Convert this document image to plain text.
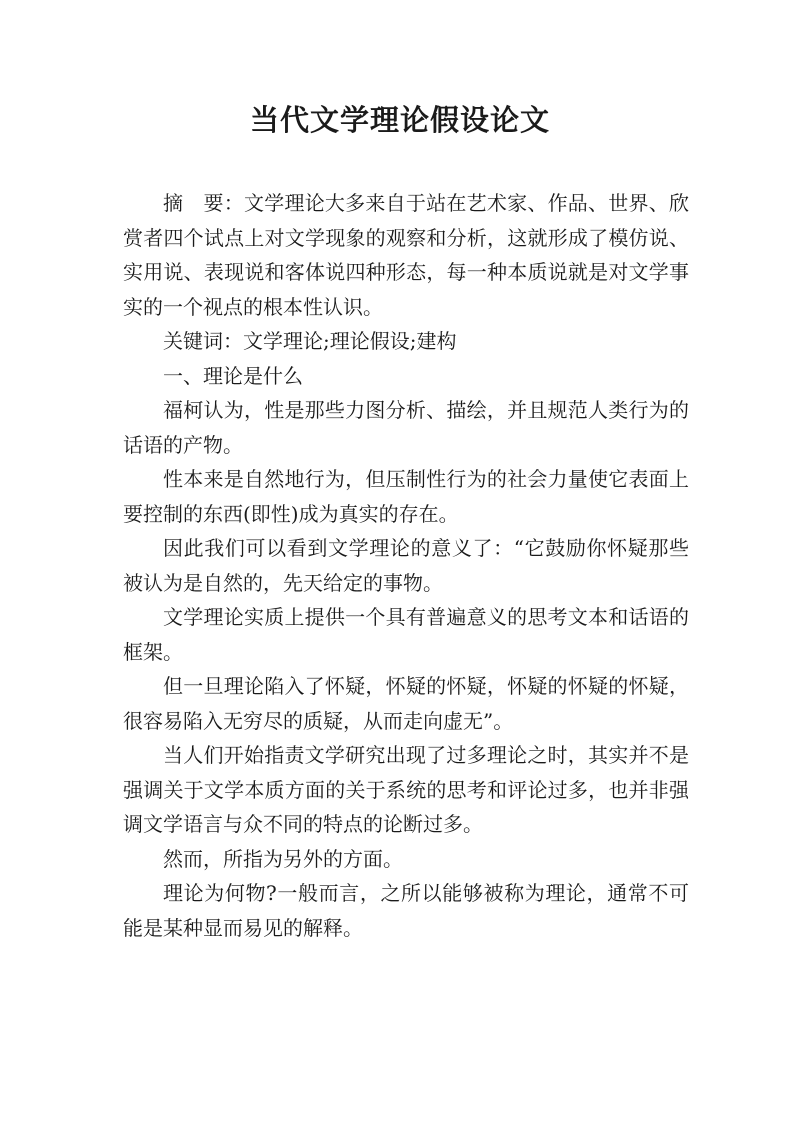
当代文学理论假设论文

摘　要：文学理论大多来自于站在艺术家、作品、世界、欣赏者四个试点上对文学现象的观察和分析，这就形成了模仿说、实用说、表现说和客体说四种形态，每一种本质说就是对文学事实的一个视点的根本性认识。

关键词：文学理论;理论假设;建构

一、理论是什么

福柯认为，性是那些力图分析、描绘，并且规范人类行为的话语的产物。

性本来是自然地行为，但压制性行为的社会力量使它表面上要控制的东西(即性)成为真实的存在。

因此我们可以看到文学理论的意义了：“它鼓励你怀疑那些被认为是自然的，先天给定的事物。

文学理论实质上提供一个具有普遍意义的思考文本和话语的框架。

但一旦理论陷入了怀疑，怀疑的怀疑，怀疑的怀疑的怀疑，很容易陷入无穷尽的质疑，从而走向虚无”。

当人们开始指责文学研究出现了过多理论之时，其实并不是强调关于文学本质方面的关于系统的思考和评论过多，也并非强调文学语言与众不同的特点的论断过多。

然而，所指为另外的方面。

理论为何物?一般而言，之所以能够被称为理论，通常不可能是某种显而易见的解释。
